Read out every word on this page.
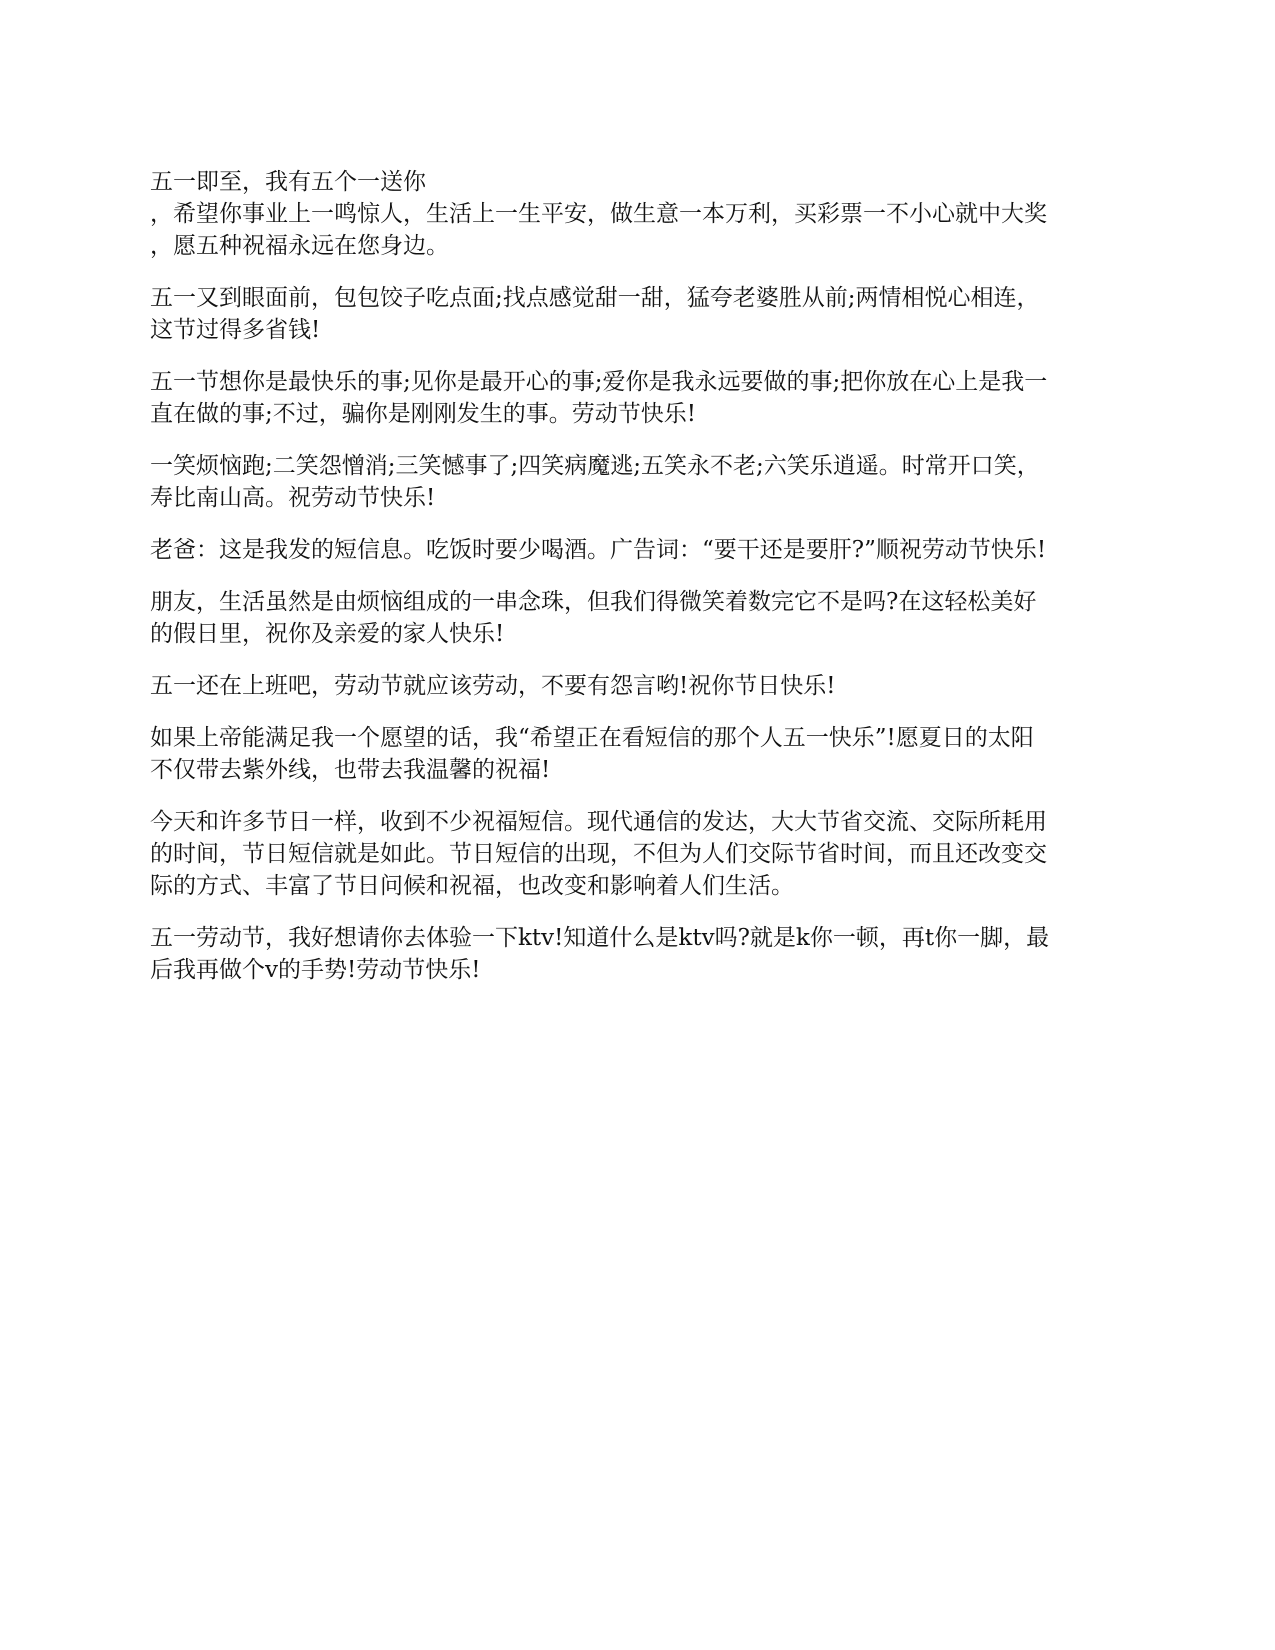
五一即至，我有五个一送你
，希望你事业上一鸣惊人，生活上一生平安，做生意一本万利，买彩票一不小心就中大奖
，愿五种祝福永远在您身边。

五一又到眼面前，包包饺子吃点面;找点感觉甜一甜，猛夸老婆胜从前;两情相悦心相连，
这节过得多省钱!

五一节想你是最快乐的事;见你是最开心的事;爱你是我永远要做的事;把你放在心上是我一
直在做的事;不过，骗你是刚刚发生的事。劳动节快乐!

一笑烦恼跑;二笑怨憎消;三笑憾事了;四笑病魔逃;五笑永不老;六笑乐逍遥。时常开口笑，
寿比南山高。祝劳动节快乐!

老爸：这是我发的短信息。吃饭时要少喝酒。广告词：“要干还是要肝?”顺祝劳动节快乐!

朋友，生活虽然是由烦恼组成的一串念珠，但我们得微笑着数完它不是吗?在这轻松美好
的假日里，祝你及亲爱的家人快乐!

五一还在上班吧，劳动节就应该劳动，不要有怨言哟!祝你节日快乐!

如果上帝能满足我一个愿望的话，我“希望正在看短信的那个人五一快乐”!愿夏日的太阳
不仅带去紫外线，也带去我温馨的祝福!

今天和许多节日一样，收到不少祝福短信。现代通信的发达，大大节省交流、交际所耗用
的时间，节日短信就是如此。节日短信的出现，不但为人们交际节省时间，而且还改变交
际的方式、丰富了节日问候和祝福，也改变和影响着人们生活。

五一劳动节，我好想请你去体验一下ktv!知道什么是ktv吗?就是k你一顿，再t你一脚，最
后我再做个v的手势!劳动节快乐!
